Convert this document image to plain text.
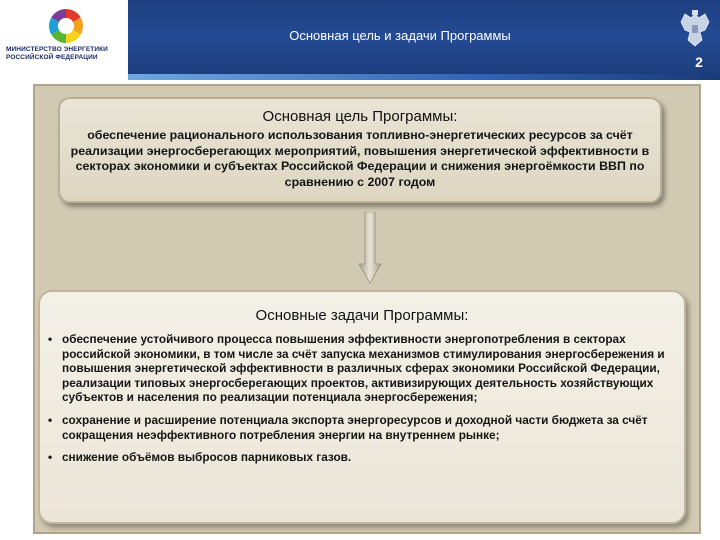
МИНИСТЕРСТВО ЭНЕРГЕТИКИ
РОССИЙСКОЙ ФЕДЕРАЦИИ
Основная цель и задачи Программы
2
Основная цель Программы:
обеспечение рационального использования топливно-энергетических ресурсов за счёт реализации энергосберегающих мероприятий, повышения энергетической эффективности в секторах экономики и субъектах Российской Федерации и снижения энергоёмкости ВВП по сравнению с 2007 годом
Основные задачи Программы:
• обеспечение устойчивого процесса повышения эффективности энергопотребления в секторах российской экономики, в том числе за счёт запуска механизмов стимулирования энергосбережения и повышения энергетической эффективности в различных сферах экономики Российской Федерации, реализации типовых энергосберегающих проектов, активизирующих деятельность хозяйствующих субъектов и населения по реализации потенциала энергосбережения;
• сохранение и расширение потенциала экспорта энергоресурсов и доходной части бюджета за счёт сокращения неэффективного потребления энергии на внутреннем рынке;
• снижение объёмов выбросов парниковых газов.
